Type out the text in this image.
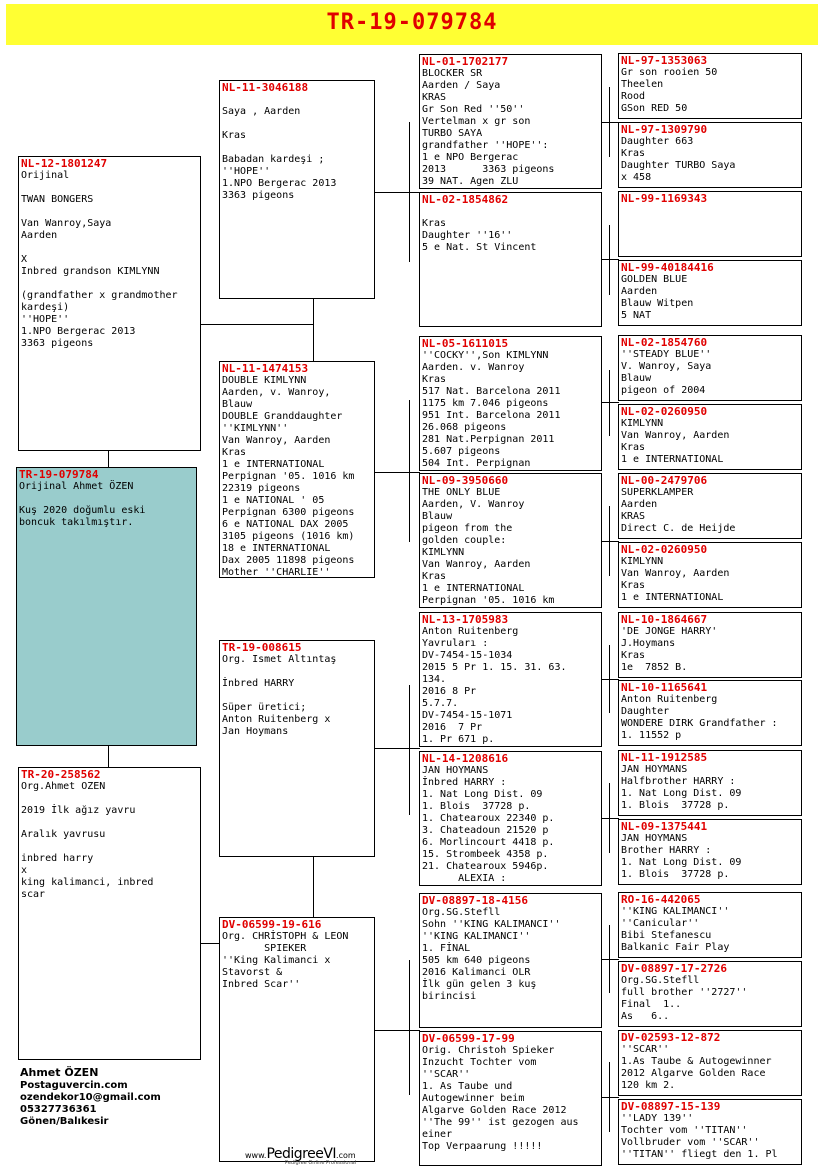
TR-19-079784
NL-12-1801247
Orijinal

TWAN BONGERS

Van Wanroy,Saya
Aarden

X
Inbred grandson KIMLYNN

(grandfather x grandmother
kardeşi)
''HOPE''
1.NPO Bergerac 2013
3363 pigeons
TR-19-079784
Orijinal Ahmet ÖZEN

Kuş 2020 doğumlu eski
boncuk takılmıştır.
TR-20-258562
Org.Ahmet OZEN

2019 İlk ağız yavru

Aralık yavrusu

inbred harry
x
king kalimanci, inbred
scar
NL-11-3046188

Saya , Aarden

Kras

Babadan kardeşi ;
''HOPE''
1.NPO Bergerac 2013
3363 pigeons
NL-11-1474153
DOUBLE KIMLYNN
Aarden, v. Wanroy,
Blauw
DOUBLE Granddaughter
''KIMLYNN''
Van Wanroy, Aarden
Kras
1 e INTERNATIONAL
Perpignan '05. 1016 km
22319 pigeons
1 e NATIONAL ' 05
Perpignan 6300 pigeons
6 e NATIONAL DAX 2005
3105 pigeons (1016 km)
18 e INTERNATIONAL
Dax 2005 11898 pigeons
Mother ''CHARLIE''
TR-19-008615
Org. Ismet Altıntaş

İnbred HARRY

Süper üretici;
Anton Ruitenberg x
Jan Hoymans
DV-06599-19-616
Org. CHRİSTOPH & LEON
SPIEKER
''King Kalimanci x
Stavorst &
Inbred Scar''
NL-01-1702177
BLOCKER SR
Aarden / Saya
KRAS
Gr Son Red ''50''
Vertelman x gr son
TURBO SAYA
grandfather ''HOPE'':
1 e NPO Bergerac
2013      3363 pigeons
39 NAT. Agen ZLU
NL-02-1854862

Kras
Daughter ''16''
5 e Nat. St Vincent
NL-05-1611015
''COCKY'',Son KIMLYNN
Aarden. v. Wanroy
Kras
517 Nat. Barcelona 2011
1175 km 7.046 pigeons
951 Int. Barcelona 2011
26.068 pigeons
281 Nat.Perpignan 2011
5.607 pigeons
504 Int. Perpignan
NL-09-3950660
THE ONLY BLUE
Aarden, V. Wanroy
Blauw
pigeon from the
golden couple:
KIMLYNN
Van Wanroy, Aarden
Kras
1 e INTERNATIONAL
Perpignan '05. 1016 km
NL-13-1705983
Anton Ruitenberg
Yavruları :
DV-7454-15-1034
2015 5 Pr 1. 15. 31. 63.
134.
2016 8 Pr
5.7.7.
DV-7454-15-1071
2016  7 Pr
1. Pr 671 p.
NL-14-1208616
JAN HOYMANS
İnbred HARRY :
1. Nat Long Dist. 09
1. Blois  37728 p.
1. Chatearoux 22340 p.
3. Chateadoun 21520 p
6. Morlincourt 4418 p.
15. Strombeek 4358 p.
21. Chatearoux 5946p.
ALEXIA :
DV-08897-18-4156
Org.SG.Stefll
Sohn ''KING KALIMANCI''
''KING KALIMANCI''
1. FİNAL
505 km 640 pigeons
2016 Kalimanci OLR
İlk gün gelen 3 kuş
birincisi
DV-06599-17-99
Orig. Christoh Spieker
Inzucht Tochter vom
''SCAR''
1. As Taube und
Autogewinner beim
Algarve Golden Race 2012
''The 99'' ist gezogen aus
einer
Top Verpaarung !!!!!
NL-97-1353063
Gr son rooien 50
Theelen
Rood
GSon RED 50
NL-97-1309790
Daughter 663
Kras
Daughter TURBO Saya
x 458
NL-99-1169343
NL-99-40184416
GOLDEN BLUE
Aarden
Blauw Witpen
5 NAT
NL-02-1854760
''STEADY BLUE''
V. Wanroy, Saya
Blauw
pigeon of 2004
NL-02-0260950
KIMLYNN
Van Wanroy, Aarden
Kras
1 e INTERNATIONAL
NL-00-2479706
SUPERKLAMPER
Aarden
KRAS
Direct C. de Heijde
NL-02-0260950
KIMLYNN
Van Wanroy, Aarden
Kras
1 e INTERNATIONAL
NL-10-1864667
'DE JONGE HARRY'
J.Hoymans
Kras
1e  7852 B.
NL-10-1165641
Anton Ruitenberg
Daughter
WONDERE DIRK Grandfather :
1. 11552 p
NL-11-1912585
JAN HOYMANS
Halfbrother HARRY :
1. Nat Long Dist. 09
1. Blois  37728 p.
NL-09-1375441
JAN HOYMANS
Brother HARRY :
1. Nat Long Dist. 09
1. Blois  37728 p.
RO-16-442065
''KING KALIMANCI''
''Canicular''
Bibi Stefanescu
Balkanic Fair Play
DV-08897-17-2726
Org.SG.Stefll
full brother ''2727''
Final  1..
As   6..
DV-02593-12-872
''SCAR''
1.As Taube & Autogewinner
2012 Algarve Golden Race
120 km 2.
DV-08897-15-139
''LADY 139''
Tochter vom ''TITAN''
Vollbruder vom ''SCAR''
''TITAN'' fliegt den 1. Pl
Ahmet ÖZEN
Postaguvercin.com
ozendekor10@gmail.com
05327736361
Gönen/Balıkesir
www.PedigreeVI.com
Pedigree Online Professional
